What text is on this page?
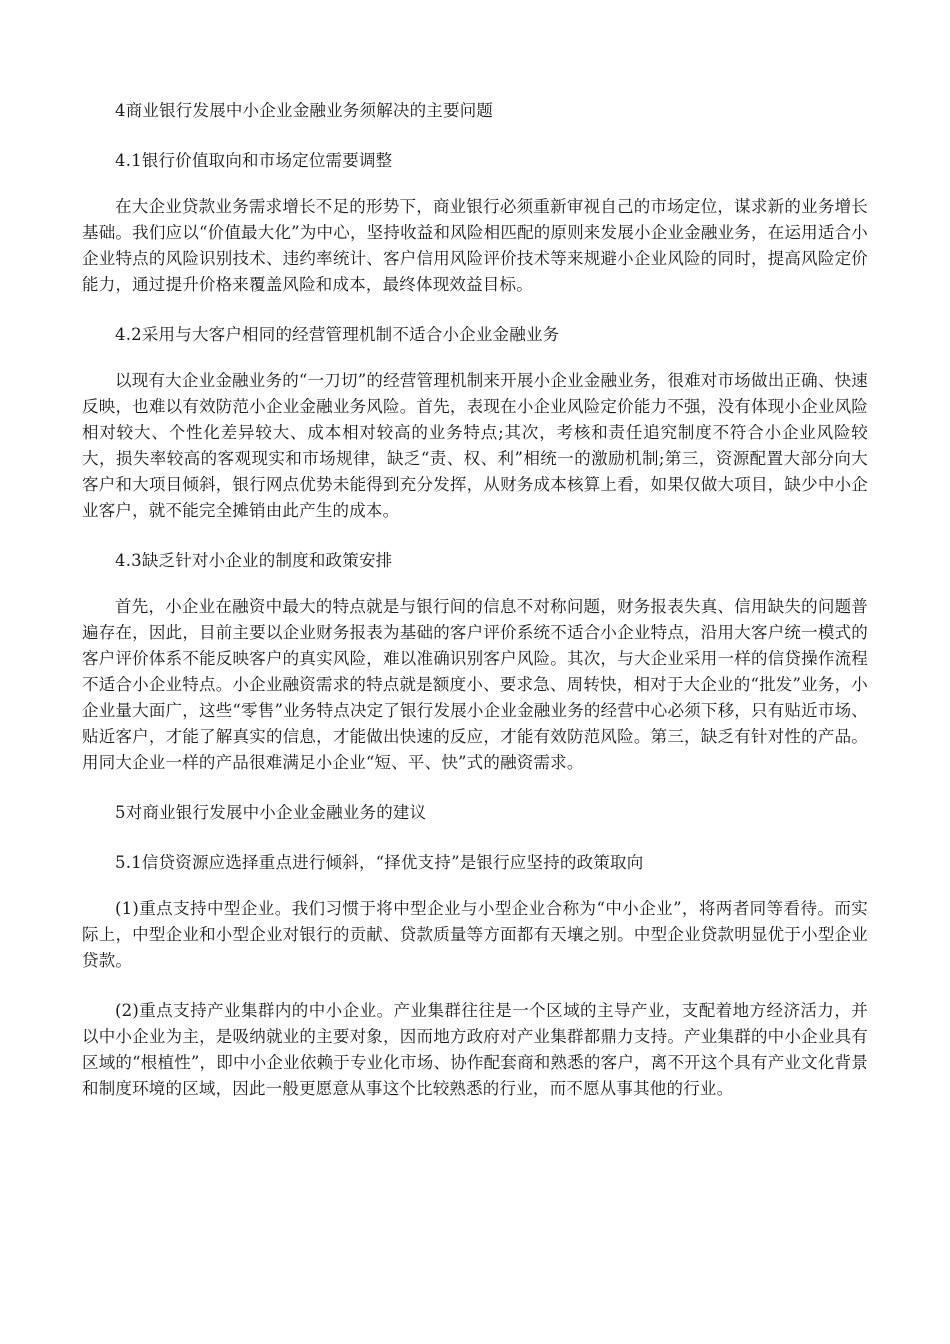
4商业银行发展中小企业金融业务须解决的主要问题
4.1银行价值取向和市场定位需要调整

在大企业贷款业务需求增长不足的形势下，商业银行必须重新审视自己的市场定位，谋求新的业务增长基础。我们应以“价值最大化”为中心，坚持收益和风险相匹配的原则来发展小企业金融业务，在运用适合小企业特点的风险识别技术、违约率统计、客户信用风险评价技术等来规避小企业风险的同时，提高风险定价能力，通过提升价格来覆盖风险和成本，最终体现效益目标。

4.2采用与大客户相同的经营管理机制不适合小企业金融业务

以现有大企业金融业务的“一刀切”的经营管理机制来开展小企业金融业务，很难对市场做出正确、快速反映，也难以有效防范小企业金融业务风险。首先，表现在小企业风险定价能力不强，没有体现小企业风险相对较大、个性化差异较大、成本相对较高的业务特点;其次，考核和责任追究制度不符合小企业风险较大，损失率较高的客观现实和市场规律，缺乏“责、权、利”相统一的激励机制;第三，资源配置大部分向大客户和大项目倾斜，银行网点优势未能得到充分发挥，从财务成本核算上看，如果仅做大项目，缺少中小企业客户，就不能完全摊销由此产生的成本。

4.3缺乏针对小企业的制度和政策安排

首先，小企业在融资中最大的特点就是与银行间的信息不对称问题，财务报表失真、信用缺失的问题普遍存在，因此，目前主要以企业财务报表为基础的客户评价系统不适合小企业特点，沿用大客户统一模式的客户评价体系不能反映客户的真实风险，难以准确识别客户风险。其次，与大企业采用一样的信贷操作流程不适合小企业特点。小企业融资需求的特点就是额度小、要求急、周转快，相对于大企业的“批发”业务，小企业量大面广，这些“零售”业务特点决定了银行发展小企业金融业务的经营中心必须下移，只有贴近市场、贴近客户，才能了解真实的信息，才能做出快速的反应，才能有效防范风险。第三，缺乏有针对性的产品。用同大企业一样的产品很难满足小企业“短、平、快”式的融资需求。

5对商业银行发展中小企业金融业务的建议
5.1信贷资源应选择重点进行倾斜，“择优支持”是银行应坚持的政策取向

(1)重点支持中型企业。我们习惯于将中型企业与小型企业合称为“中小企业”，将两者同等看待。而实际上，中型企业和小型企业对银行的贡献、贷款质量等方面都有天壤之别。中型企业贷款明显优于小型企业贷款。

(2)重点支持产业集群内的中小企业。产业集群往往是一个区域的主导产业，支配着地方经济活力，并以中小企业为主，是吸纳就业的主要对象，因而地方政府对产业集群都鼎力支持。产业集群的中小企业具有区域的“根植性”，即中小企业依赖于专业化市场、协作配套商和熟悉的客户，离不开这个具有产业文化背景和制度环境的区域，因此一般更愿意从事这个比较熟悉的行业，而不愿从事其他的行业。
